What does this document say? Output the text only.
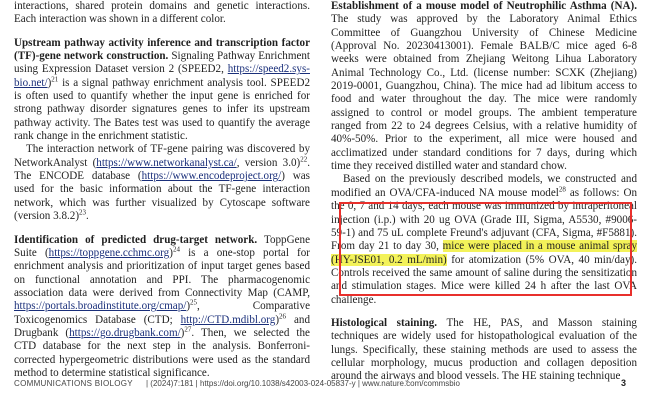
interactions, shared protein domains and genetic interactions. Each interaction was shown in a different color.

Upstream pathway activity inference and transcription factor (TF)-gene network construction. Signaling Pathway Enrichment using Expression Dataset version 2 (SPEED2, https://speed2.sys-bio.net/)$^{21}$ is a signal pathway enrichment analysis tool. SPEED2 is often used to quantify whether the input gene is enriched for strong pathway disorder signatures genes to infer its upstream pathway activity. The Bates test was used to quantify the average rank change in the enrichment statistic.

The interaction network of TF-gene pairing was discovered by NetworkAnalyst (https://www.networkanalyst.ca/, version 3.0)$^{22}$. The ENCODE database (https://www.encodeproject.org/) was used for the basic information about the TF-gene interaction network, which was further visualized by Cytoscape software (version 3.8.2)$^{23}$.

Identification of predicted drug-target network. ToppGene Suite (https://toppgene.cchmc.org)$^{24}$ is a one-stop portal for enrichment analysis and prioritization of input target genes based on functional annotation and PPI. The pharmacogenomic association data were derived from Connectivity Map (CAMP, https://portals.broadinstitute.org/cmap/)$^{25}$, Comparative Toxicogenomics Database (CTD; http://CTD.mdibl.org)$^{26}$ and Drugbank (https://go.drugbank.com/)$^{27}$. Then, we selected the CTD database for the next step in the analysis. Bonferroni-corrected hypergeometric distributions were used as the standard method to determine statistical significance.

Establishment of a mouse model of Neutrophilic Asthma (NA). The study was approved by the Laboratory Animal Ethics Committee of Guangzhou University of Chinese Medicine (Approval No. 20230413001). Female BALB/C mice aged 6-8 weeks were obtained from Zhejiang Weitong Lihua Laboratory Animal Technology Co., Ltd. (license number: SCXK (Zhejiang) 2019-0001, Guangzhou, China). The mice had ad libitum access to food and water throughout the day. The mice were randomly assigned to control or model groups. The ambient temperature ranged from 22 to 24 degrees Celsius, with a relative humidity of 40%-50%. Prior to the experiment, all mice were housed and acclimatized under standard conditions for 7 days, during which time they received distilled water and standard chow.

Based on the previously described models, we constructed and modified an OVA/CFA-induced NA mouse model$^{28}$ as follows: On the 0, 7 and 14 days, each mouse was immunized by intraperitoneal injection (i.p.) with 20 ug OVA (Grade III, Sigma, A5530, #9006-59-1) and 75 uL complete Freund's adjuvant (CFA, Sigma, #F5881). From day 21 to day 30, mice were placed in a mouse animal spray (HY-JSE01, 0.2 mL/min) for atomization (5% OVA, 40 min/day). Controls received the same amount of saline during the sensitization and stimulation stages. Mice were killed 24 h after the last OVA challenge.

Histological staining. The HE, PAS, and Masson staining techniques are widely used for histopathological evaluation of the lungs. Specifically, these staining methods are used to assess the cellular morphology, mucus production and collagen deposition around the airways and blood vessels. The HE staining technique

COMMUNICATIONS BIOLOGY | (2024)7:181 | https://doi.org/10.1038/s42003-024-05837-y | www.nature.com/commsbio	3
